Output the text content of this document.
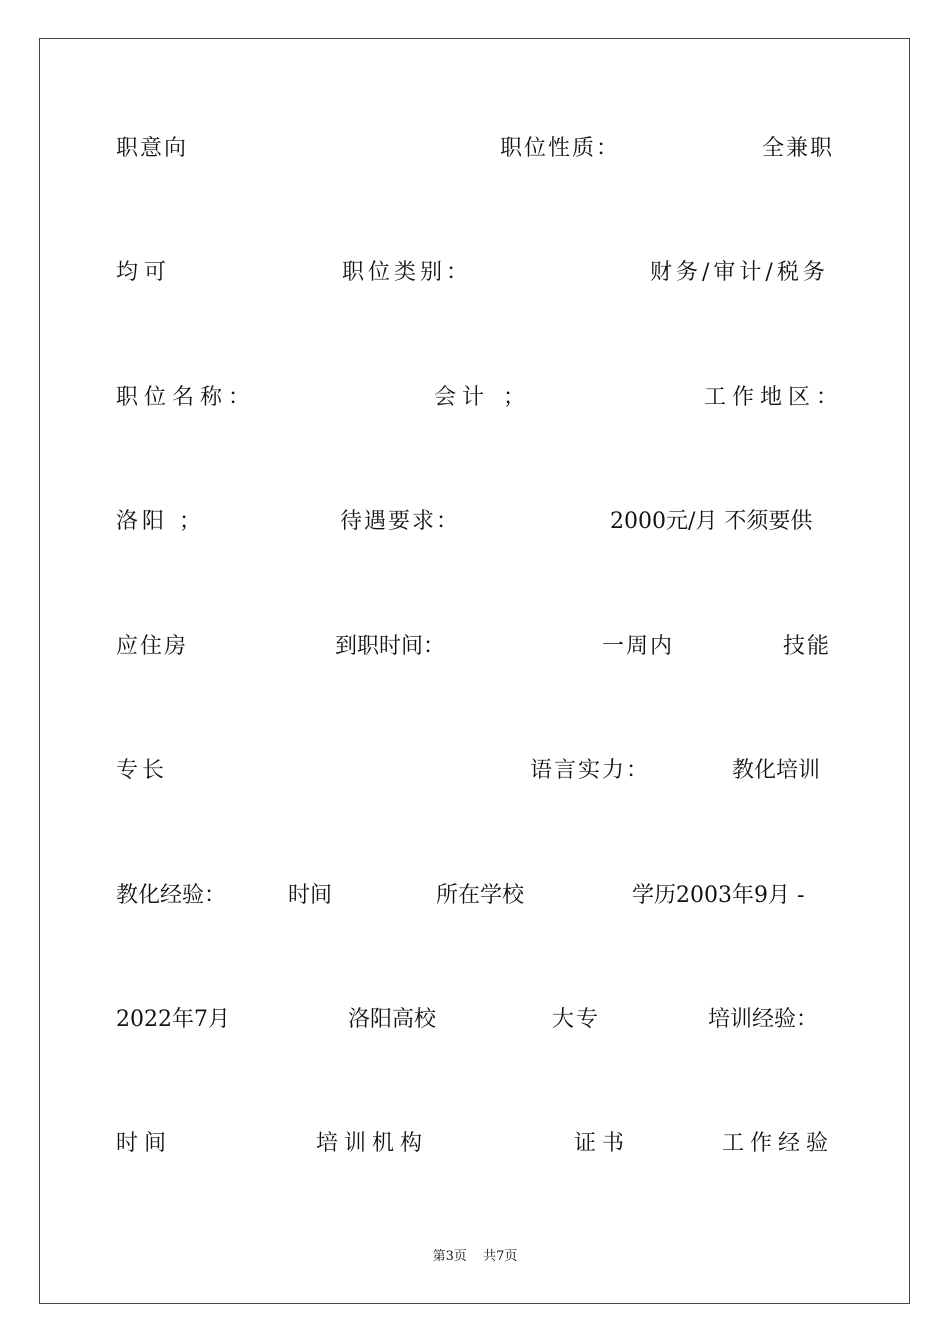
职意向	职位性质：	全兼职
均可	职位类别：	财务/审计/税务
职位名称：	会计 ；	工作地区：
洛阳 ；	待遇要求：	2000元/月 不须要供
应住房	到职时间：	一周内	技能
专长	语言实力：	教化培训
教化经验：	时间	所在学校	学历2003年9月 -
2022年7月	洛阳高校	大专	培训经验：
时间	培训机构	证书	工作经验
第3页 共7页
